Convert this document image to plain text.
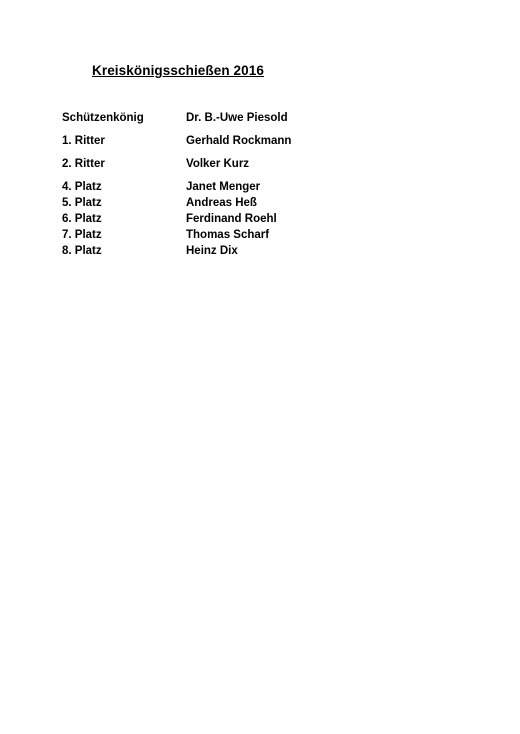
Kreiskönigsschießen 2016
Schützenkönig	Dr. B.-Uwe Piesold
1. Ritter	Gerhald Rockmann
2. Ritter	Volker Kurz
4. Platz	Janet Menger
5. Platz	Andreas Heß
6. Platz	Ferdinand Roehl
7. Platz	Thomas Scharf
8. Platz	Heinz Dix
